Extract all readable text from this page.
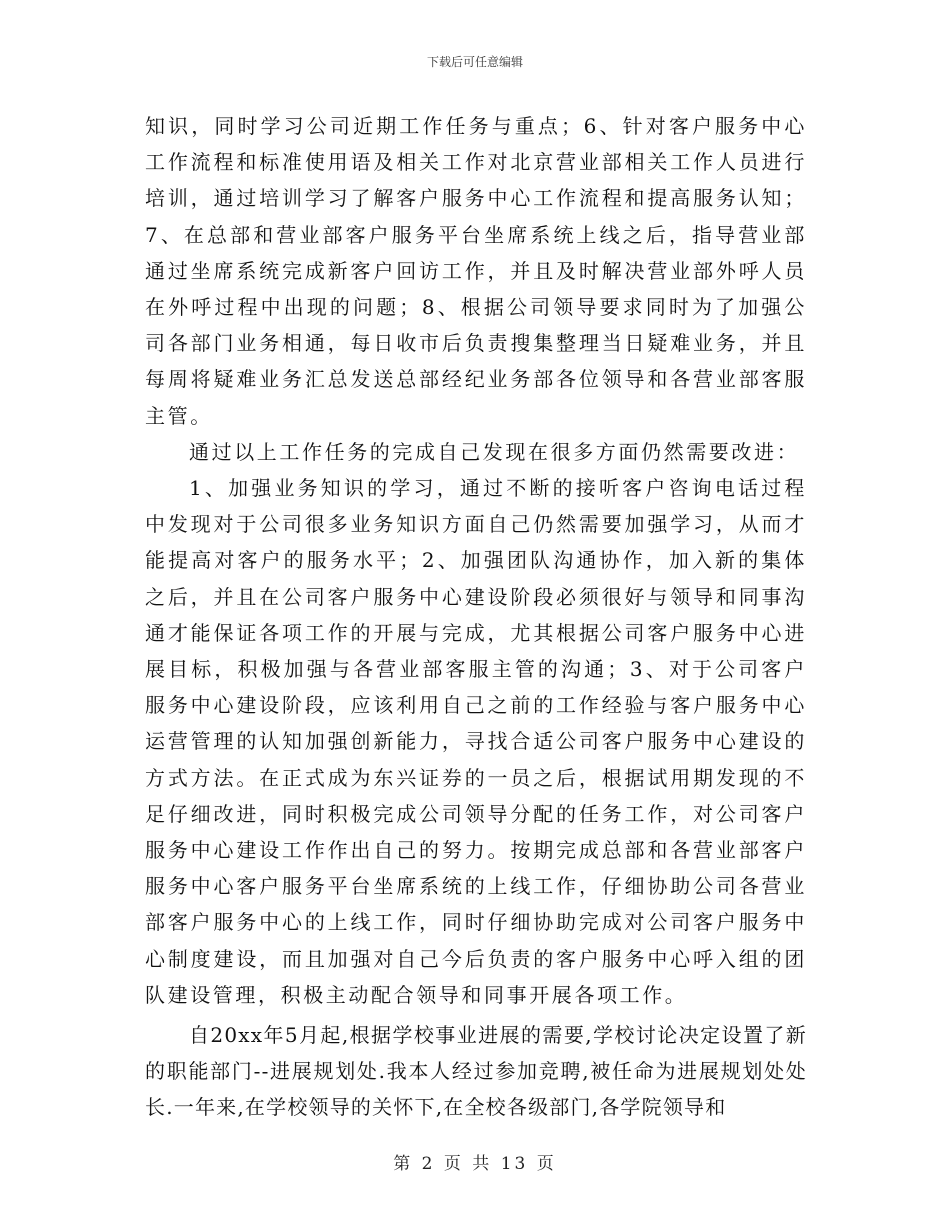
下载后可任意编辑

知识，同时学习公司近期工作任务与重点；6、针对客户服务中心工作流程和标准使用语及相关工作对北京营业部相关工作人员进行培训，通过培训学习了解客户服务中心工作流程和提高服务认知；7、在总部和营业部客户服务平台坐席系统上线之后，指导营业部通过坐席系统完成新客户回访工作，并且及时解决营业部外呼人员在外呼过程中出现的问题；8、根据公司领导要求同时为了加强公司各部门业务相通，每日收市后负责搜集整理当日疑难业务，并且每周将疑难业务汇总发送总部经纪业务部各位领导和各营业部客服主管。

通过以上工作任务的完成自己发现在很多方面仍然需要改进：

1、加强业务知识的学习，通过不断的接听客户咨询电话过程中发现对于公司很多业务知识方面自己仍然需要加强学习，从而才能提高对客户的服务水平；2、加强团队沟通协作，加入新的集体之后，并且在公司客户服务中心建设阶段必须很好与领导和同事沟通才能保证各项工作的开展与完成，尤其根据公司客户服务中心进展目标，积极加强与各营业部客服主管的沟通；3、对于公司客户服务中心建设阶段，应该利用自己之前的工作经验与客户服务中心运营管理的认知加强创新能力，寻找合适公司客户服务中心建设的方式方法。在正式成为东兴证券的一员之后，根据试用期发现的不足仔细改进，同时积极完成公司领导分配的任务工作，对公司客户服务中心建设工作作出自己的努力。按期完成总部和各营业部客户服务中心客户服务平台坐席系统的上线工作，仔细协助公司各营业部客户服务中心的上线工作，同时仔细协助完成对公司客户服务中心制度建设，而且加强对自己今后负责的客户服务中心呼入组的团队建设管理，积极主动配合领导和同事开展各项工作。

自20xx年5月起,根据学校事业进展的需要,学校讨论决定设置了新的职能部门--进展规划处.我本人经过参加竞聘,被任命为进展规划处处长.一年来,在学校领导的关怀下,在全校各级部门,各学院领导和

第 2 页 共 13 页
